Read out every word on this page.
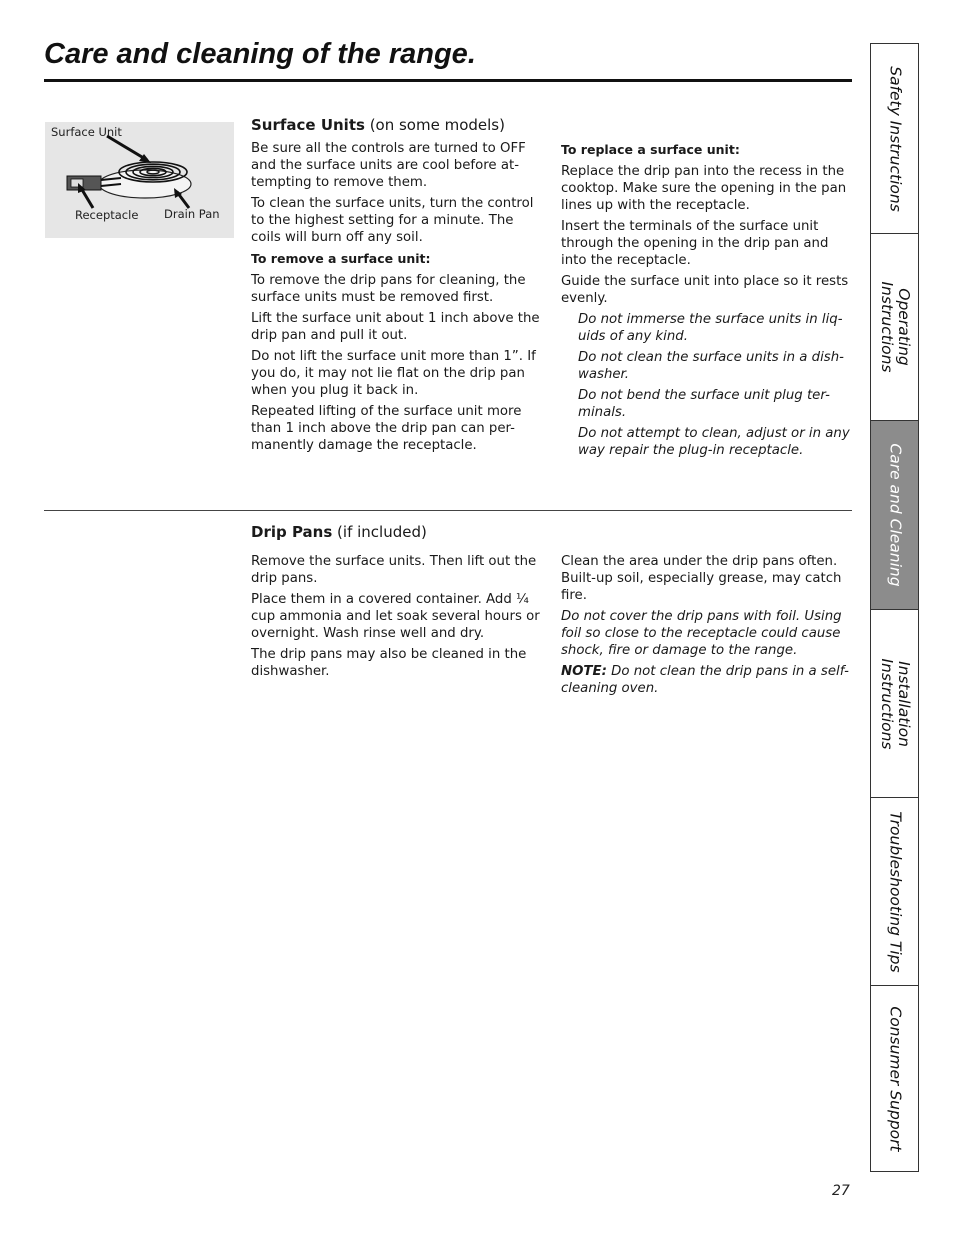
Care and cleaning of the range.
Surface Unit
Receptacle Drain Pan
Surface Units (on some models)

Be sure all the controls are turned to OFF and the surface units are cool before at-tempting to remove them.

To clean the surface units, turn the control to the highest setting for a minute. The coils will burn off any soil.

To remove a surface unit:

To remove the drip pans for cleaning, the surface units must be removed first.

Lift the surface unit about 1 inch above the drip pan and pull it out.

Do not lift the surface unit more than 1”. If you do, it may not lie flat on the drip pan when you plug it back in.

Repeated lifting of the surface unit more than 1 inch above the drip pan can per-manently damage the receptacle.

To replace a surface unit:

Replace the drip pan into the recess in the cooktop. Make sure the opening in the pan lines up with the receptacle.

Insert the terminals of the surface unit through the opening in the drip pan and into the receptacle.

Guide the surface unit into place so it rests evenly.

Do not immerse the surface units in liq-uids of any kind.

Do not clean the surface units in a dish-washer.

Do not bend the surface unit plug ter-minals.

Do not attempt to clean, adjust or in any way repair the plug-in receptacle.

Drip Pans (if included)

Remove the surface units. Then lift out the drip pans.

Place them in a covered container. Add ¼ cup ammonia and let soak several hours or overnight. Wash rinse well and dry.

The drip pans may also be cleaned in the dishwasher.

Clean the area under the drip pans often. Built-up soil, especially grease, may catch fire.

Do not cover the drip pans with foil. Using foil so close to the receptacle could cause shock, fire or damage to the range.

NOTE: Do not clean the drip pans in a self-cleaning oven.

Safety Instructions
Operating
Instructions
Care and Cleaning
Installation
Instructions
Troubleshooting Tips
Consumer Support
27
